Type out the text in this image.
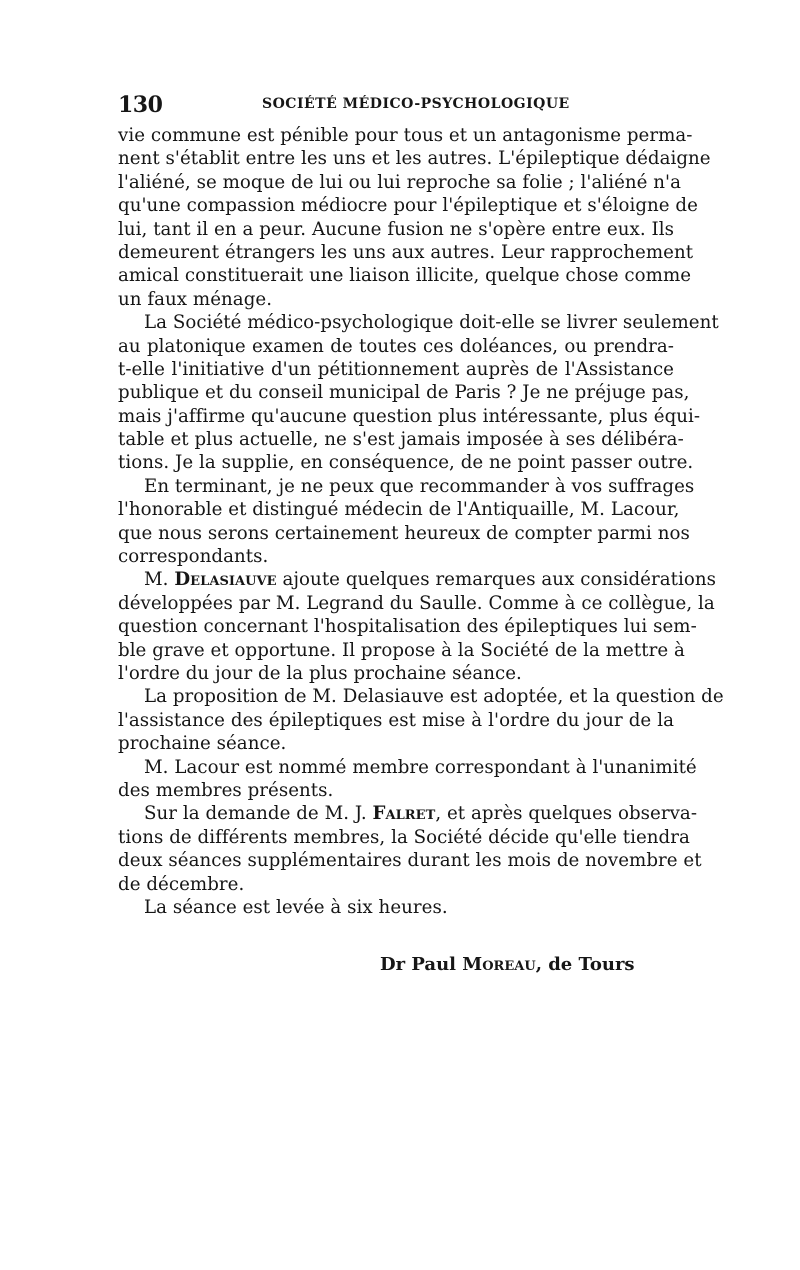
130	SOCIÉTÉ MÉDICO-PSYCHOLOGIQUE
vie commune est pénible pour tous et un antagonisme perma-
nent s'établit entre les uns et les autres. L'épileptique dédaigne
l'aliéné, se moque de lui ou lui reproche sa folie ; l'aliéné n'a
qu'une compassion médiocre pour l'épileptique et s'éloigne de
lui, tant il en a peur. Aucune fusion ne s'opère entre eux. Ils
demeurent étrangers les uns aux autres. Leur rapprochement
amical constituerait une liaison illicite, quelque chose comme
un faux ménage.
La Société médico-psychologique doit-elle se livrer seulement
au platonique examen de toutes ces doléances, ou prendra-
t-elle l'initiative d'un pétitionnement auprès de l'Assistance
publique et du conseil municipal de Paris ? Je ne préjuge pas,
mais j'affirme qu'aucune question plus intéressante, plus équi-
table et plus actuelle, ne s'est jamais imposée à ses délibéra-
tions. Je la supplie, en conséquence, de ne point passer outre.
En terminant, je ne peux que recommander à vos suffrages
l'honorable et distingué médecin de l'Antiquaille, M. Lacour,
que nous serons certainement heureux de compter parmi nos
correspondants.
M. Delasiauve ajoute quelques remarques aux considérations
développées par M. Legrand du Saulle. Comme à ce collègue, la
question concernant l'hospitalisation des épileptiques lui sem-
ble grave et opportune. Il propose à la Société de la mettre à
l'ordre du jour de la plus prochaine séance.
La proposition de M. Delasiauve est adoptée, et la question de
l'assistance des épileptiques est mise à l'ordre du jour de la
prochaine séance.
M. Lacour est nommé membre correspondant à l'unanimité
des membres présents.
Sur la demande de M. J. Falret, et après quelques observa-
tions de différents membres, la Société décide qu'elle tiendra
deux séances supplémentaires durant les mois de novembre et
de décembre.
La séance est levée à six heures.
Dr Paul Moreau, de Tours
